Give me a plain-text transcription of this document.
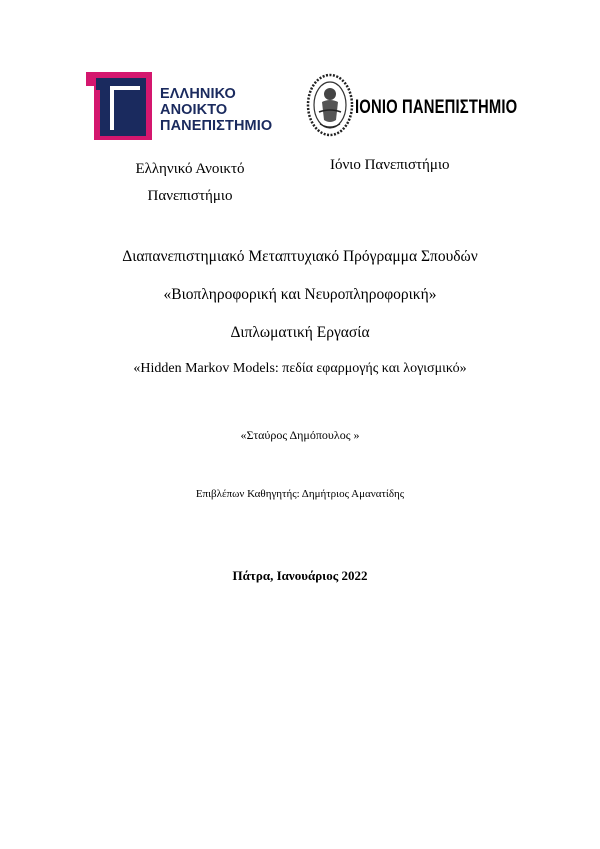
ΕΛΛΗΝΙΚΟ
ΑΝΟΙΚΤΟ
ΠΑΝΕΠΙΣΤΗΜΙΟ
ΙΟΝΙΟ ΠΑΝΕΠΙΣΤΗΜΙΟ
Ελληνικό Ανοικτό
Πανεπιστήμιο
Ιόνιο Πανεπιστήμιο
Διαπανεπιστημιακό Μεταπτυχιακό Πρόγραμμα Σπουδών
«Βιοπληροφορική και Νευροπληροφορική»
Διπλωματική Εργασία
«Hidden Markov Models: πεδία εφαρμογής και λογισμικό»
«Σταύρος Δημόπουλος »
Επιβλέπων Καθηγητής: Δημήτριος Αμανατίδης
Πάτρα, Ιανουάριος 2022
